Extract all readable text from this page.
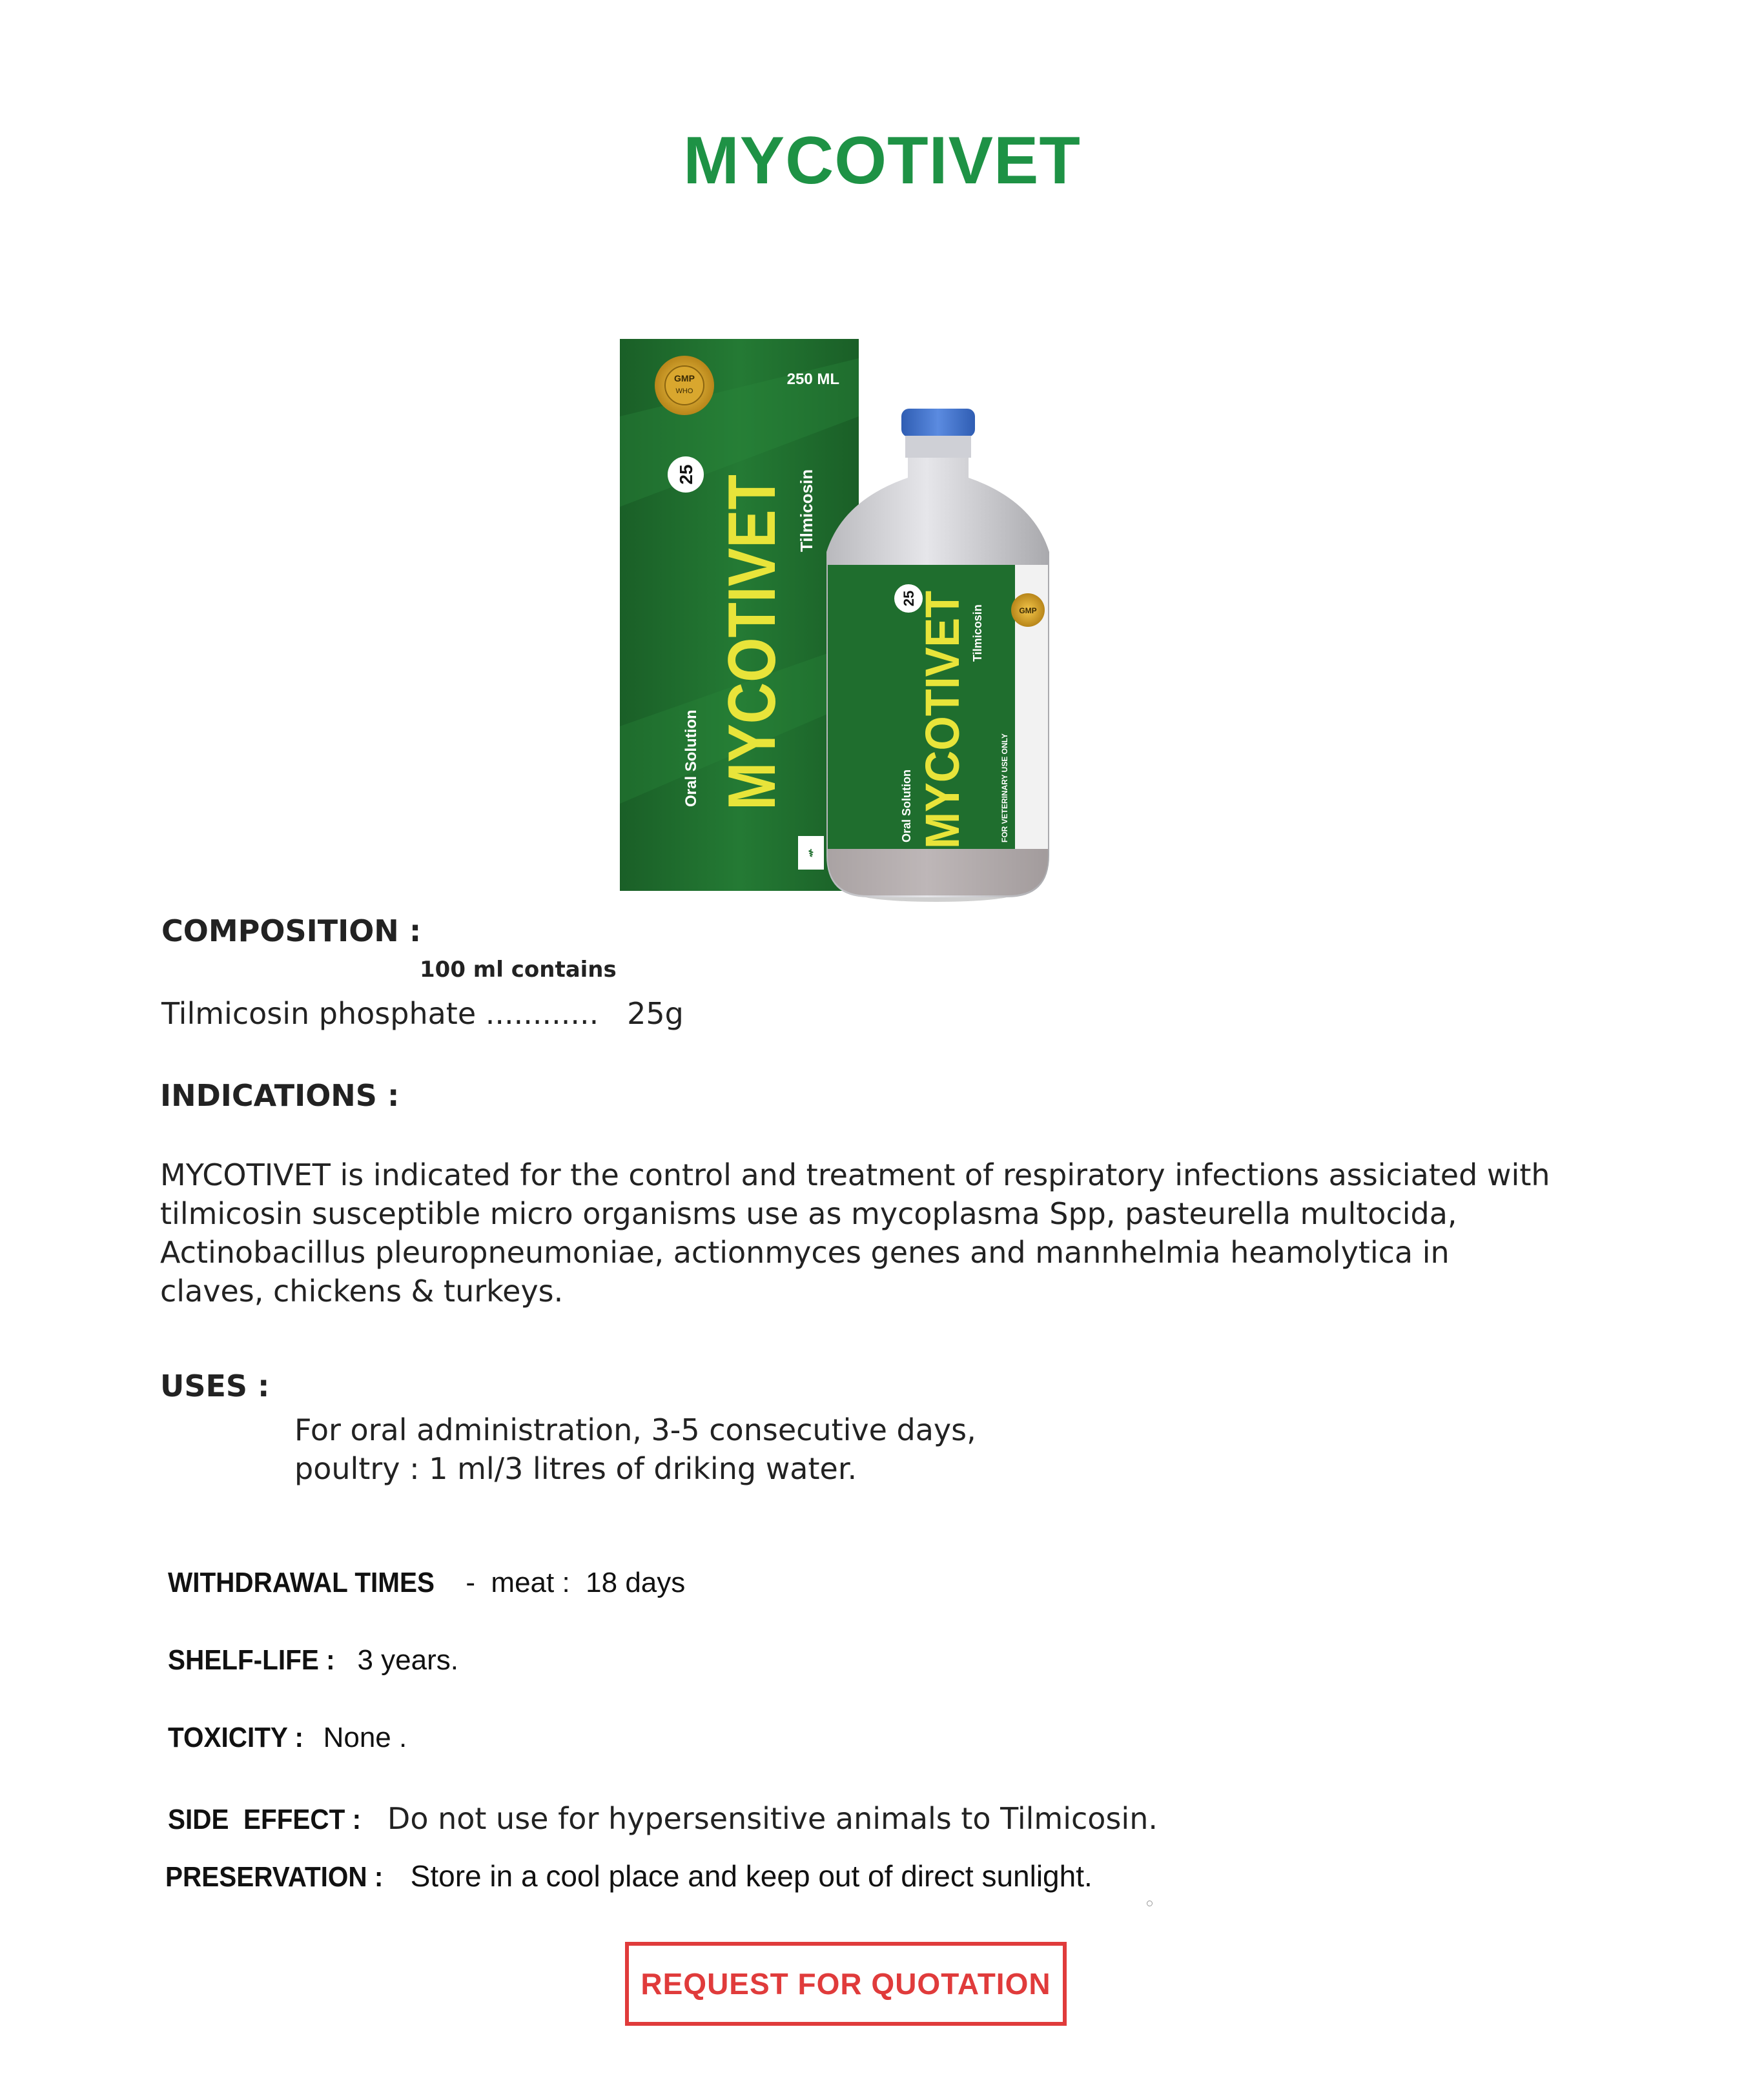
MYCOTIVET
GMP
WHO
250 ML
25
Oral Solution MYCOTIVET Tilmicosin
⚕
GMP
25
Oral Solution MYCOTIVET Tilmicosin
FOR VETERINARY USE ONLY
COMPOSITION :
100 ml contains
Tilmicosin phosphate ............   25g
INDICATIONS :
MYCOTIVET is indicated for the control and treatment of respiratory infections assiciated with
tilmicosin susceptible micro organisms use as mycoplasma Spp, pasteurella multocida,
Actinobacillus pleuropneumoniae, actionmyces genes and mannhelmia heamolytica in
claves, chickens & turkeys.
USES :
For oral administration, 3-5 consecutive days,
poultry : 1 ml/3 litres of driking water.

WITHDRAWAL TIMES -  meat :  18 days

SHELF-LIFE : 3 years.

TOXICITY : None .

SIDE  EFFECT : Do not use for hypersensitive animals to Tilmicosin.

PRESERVATION : Store in a cool place and keep out of direct sunlight.

REQUEST FOR QUOTATION
